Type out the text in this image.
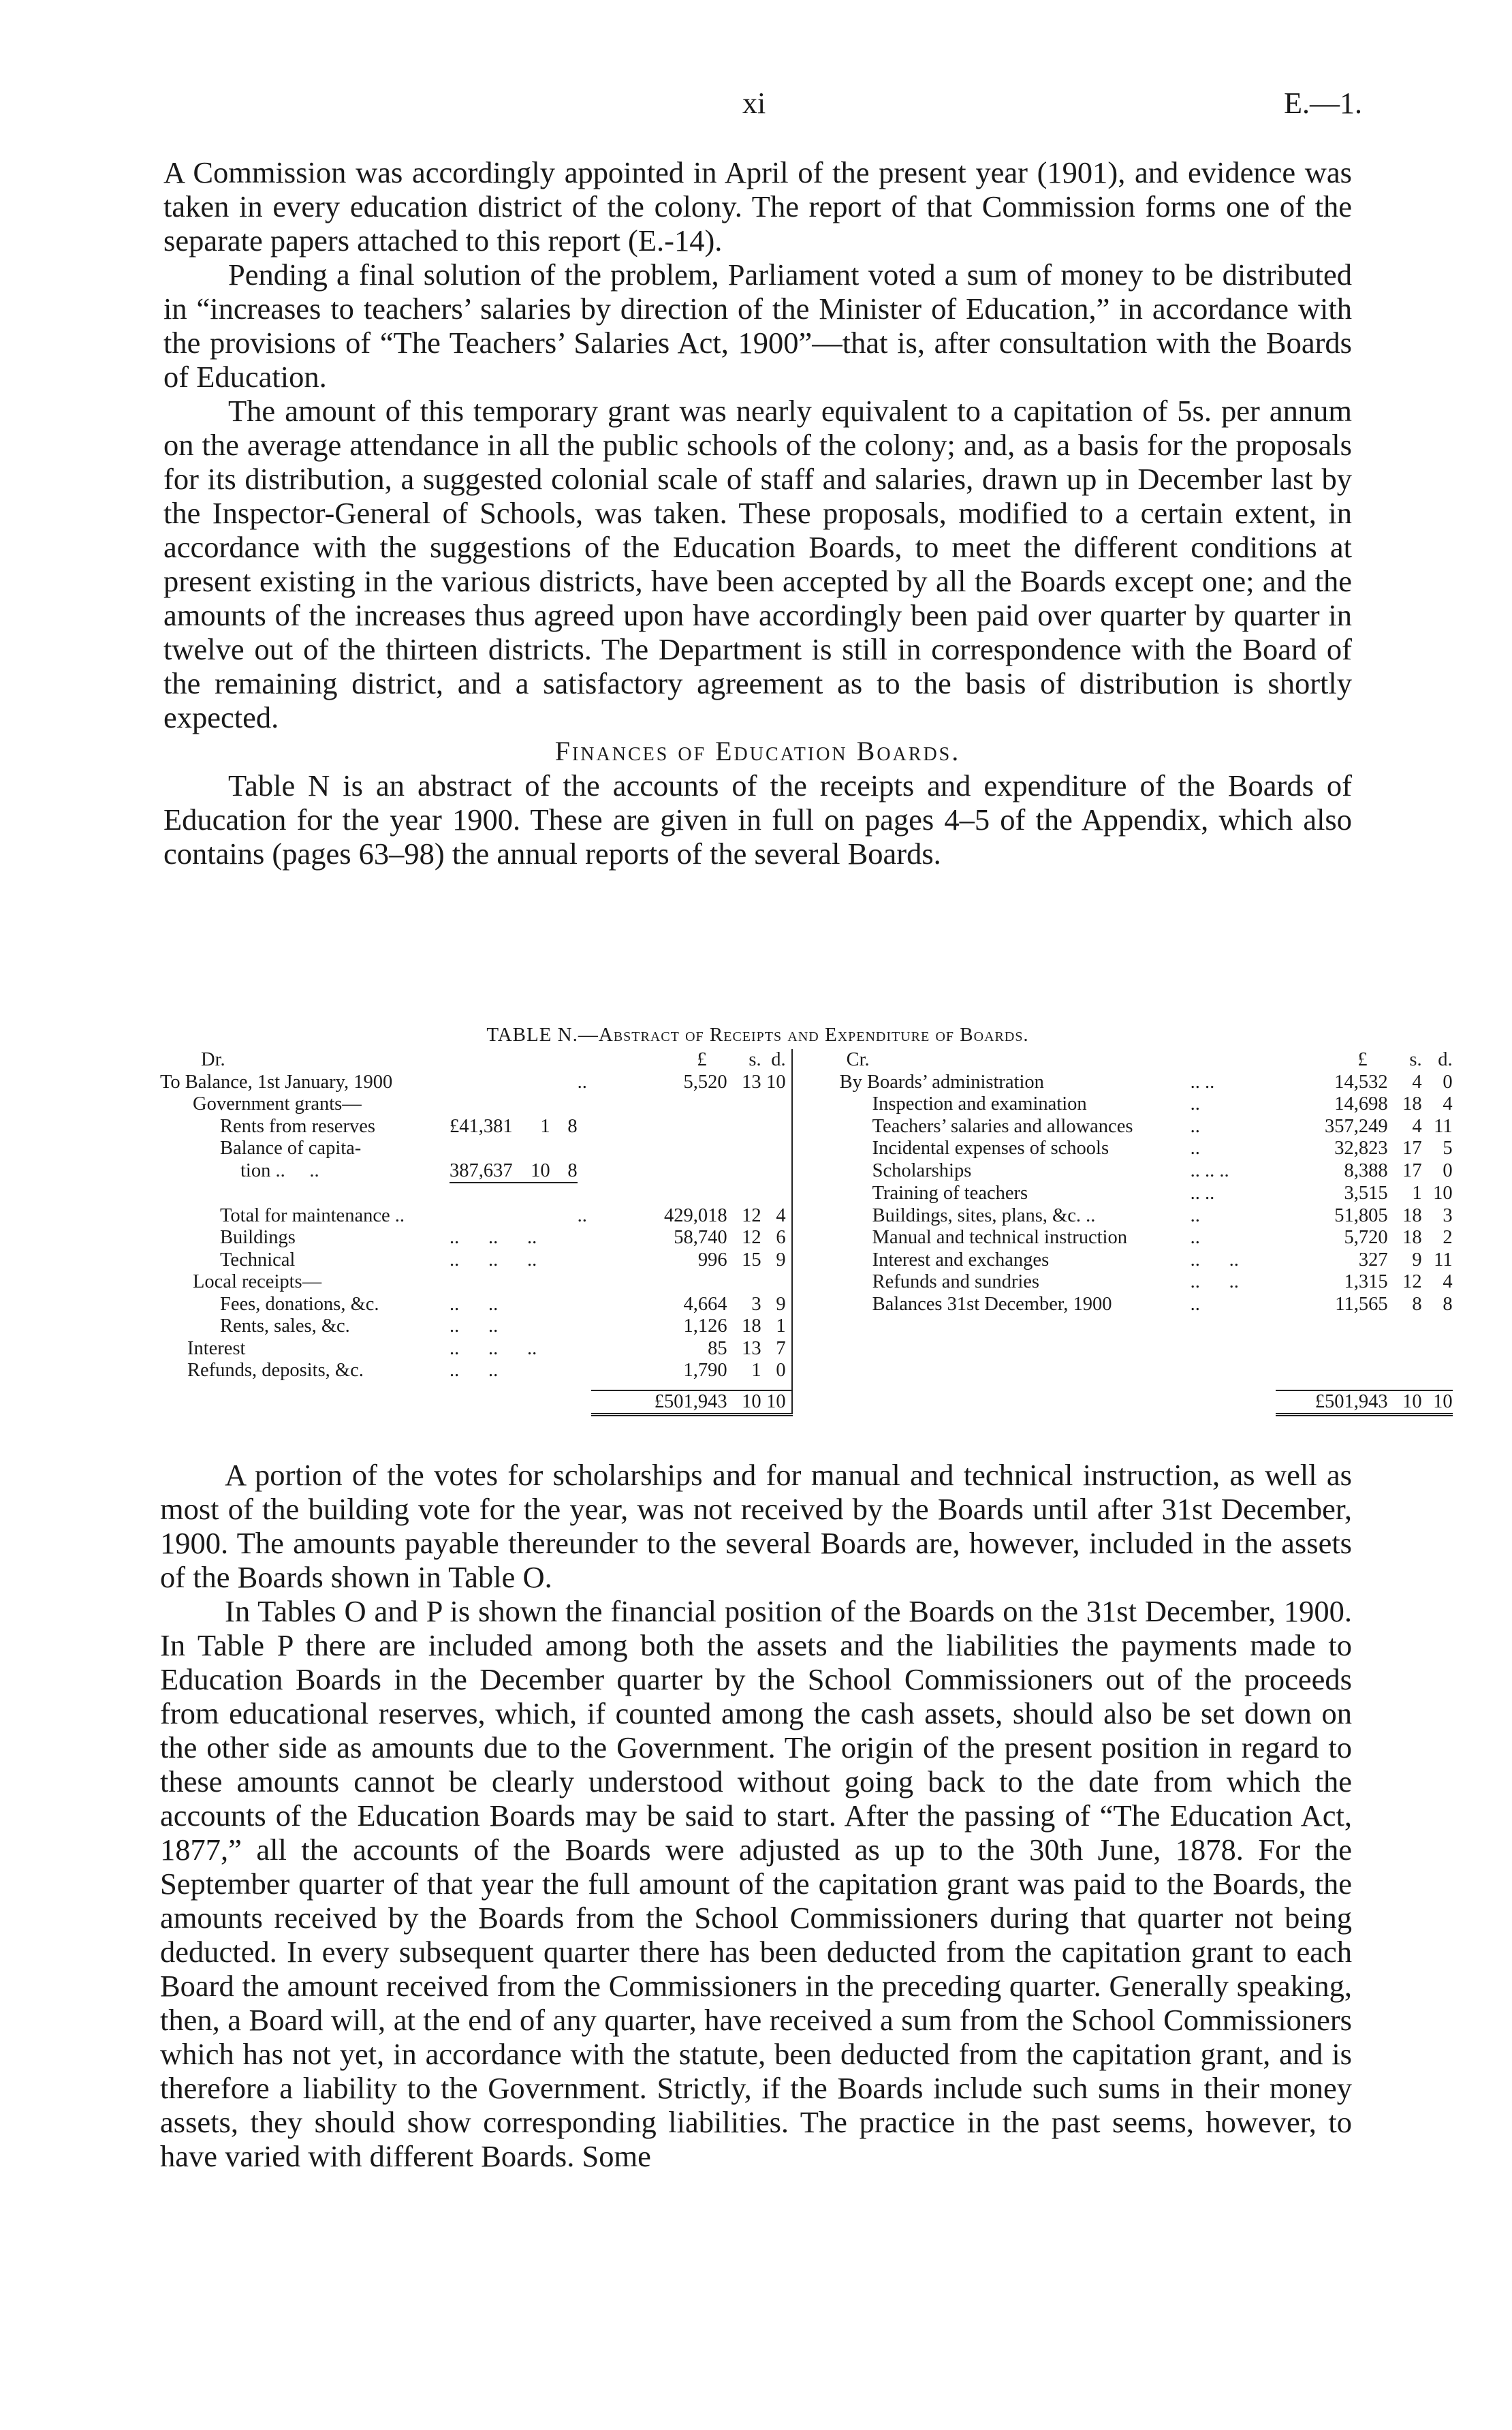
xi	E.—1.

A Commission was accordingly appointed in April of the present year (1901), and evidence was taken in every education district of the colony. The report of that Commission forms one of the separate papers attached to this report (E.-14).

Pending a final solution of the problem, Parliament voted a sum of money to be distributed in “increases to teachers’ salaries by direction of the Minister of Education,” in accordance with the provisions of “The Teachers’ Salaries Act, 1900”—that is, after consultation with the Boards of Education.

The amount of this temporary grant was nearly equivalent to a capitation of 5s. per annum on the average attendance in all the public schools of the colony; and, as a basis for the proposals for its distribution, a suggested colonial scale of staff and salaries, drawn up in December last by the Inspector-General of Schools, was taken. These proposals, modified to a certain extent, in accordance with the suggestions of the Education Boards, to meet the different conditions at present existing in the various districts, have been accepted by all the Boards except one; and the amounts of the increases thus agreed upon have accordingly been paid over quarter by quarter in twelve out of the thirteen districts. The Department is still in correspondence with the Board of the remaining district, and a satisfactory agreement as to the basis of distribution is shortly expected.

Finances of Education Boards.

Table N is an abstract of the accounts of the receipts and expenditure of the Boards of Education for the year 1900. These are given in full on pages 4–5 of the Appendix, which also contains (pages 63–98) the annual reports of the several Boards.

TABLE N.—Abstract of Receipts and Expenditure of Boards.
Dr.					£	s.	d.		Cr.			£	s.	d.
To Balance, 1st January, 1900				..	5,520	13	10			By Boards’ administration	.. ..	14,532	4	0
Government grants—										Inspection and examination	..	14,698	18	4
Rents from reserves	£41,381	1	8							Teachers’ salaries and allowances	..	357,249	4	11
Balance of capita-										Incidental expenses of schools	..	32,823	17	5
tion .. ..	387,637	10	8							Scholarships	.. .. ..	8,388	17	0
										Training of teachers	.. ..	3,515	1	10
Total for maintenance ..				..	429,018	12	4			Buildings, sites, plans, &c. ..	..	51,805	18	3
Buildings	..      ..      ..				58,740	12	6			Manual and technical instruction	..	5,720	18	2
Technical	..      ..      ..				996	15	9			Interest and exchanges	..      ..	327	9	11
Local receipts—										Refunds and sundries	..      ..	1,315	12	4
Fees, donations, &c.	..      ..				4,664	3	9			Balances 31st December, 1900	..	11,565	8	8
Rents, sales, &c.	..      ..				1,126	18	1							
Interest	..      ..      ..				85	13	7							
Refunds, deposits, &c.	..      ..				1,790	1	0							

					£501,943	10	10					£501,943	10	10

A portion of the votes for scholarships and for manual and technical instruction, as well as most of the building vote for the year, was not received by the Boards until after 31st December, 1900. The amounts payable thereunder to the several Boards are, however, included in the assets of the Boards shown in Table O.

In Tables O and P is shown the financial position of the Boards on the 31st December, 1900. In Table P there are included among both the assets and the liabilities the payments made to Education Boards in the December quarter by the School Commissioners out of the proceeds from educational reserves, which, if counted among the cash assets, should also be set down on the other side as amounts due to the Government. The origin of the present position in regard to these amounts cannot be clearly understood without going back to the date from which the accounts of the Education Boards may be said to start. After the passing of “The Education Act, 1877,” all the accounts of the Boards were adjusted as up to the 30th June, 1878. For the September quarter of that year the full amount of the capitation grant was paid to the Boards, the amounts received by the Boards from the School Commissioners during that quarter not being deducted. In every subsequent quarter there has been deducted from the capitation grant to each Board the amount received from the Commissioners in the preceding quarter. Generally speaking, then, a Board will, at the end of any quarter, have received a sum from the School Commissioners which has not yet, in accordance with the statute, been deducted from the capitation grant, and is therefore a liability to the Government. Strictly, if the Boards include such sums in their money assets, they should show corresponding liabilities. The practice in the past seems, however, to have varied with different Boards. Some
